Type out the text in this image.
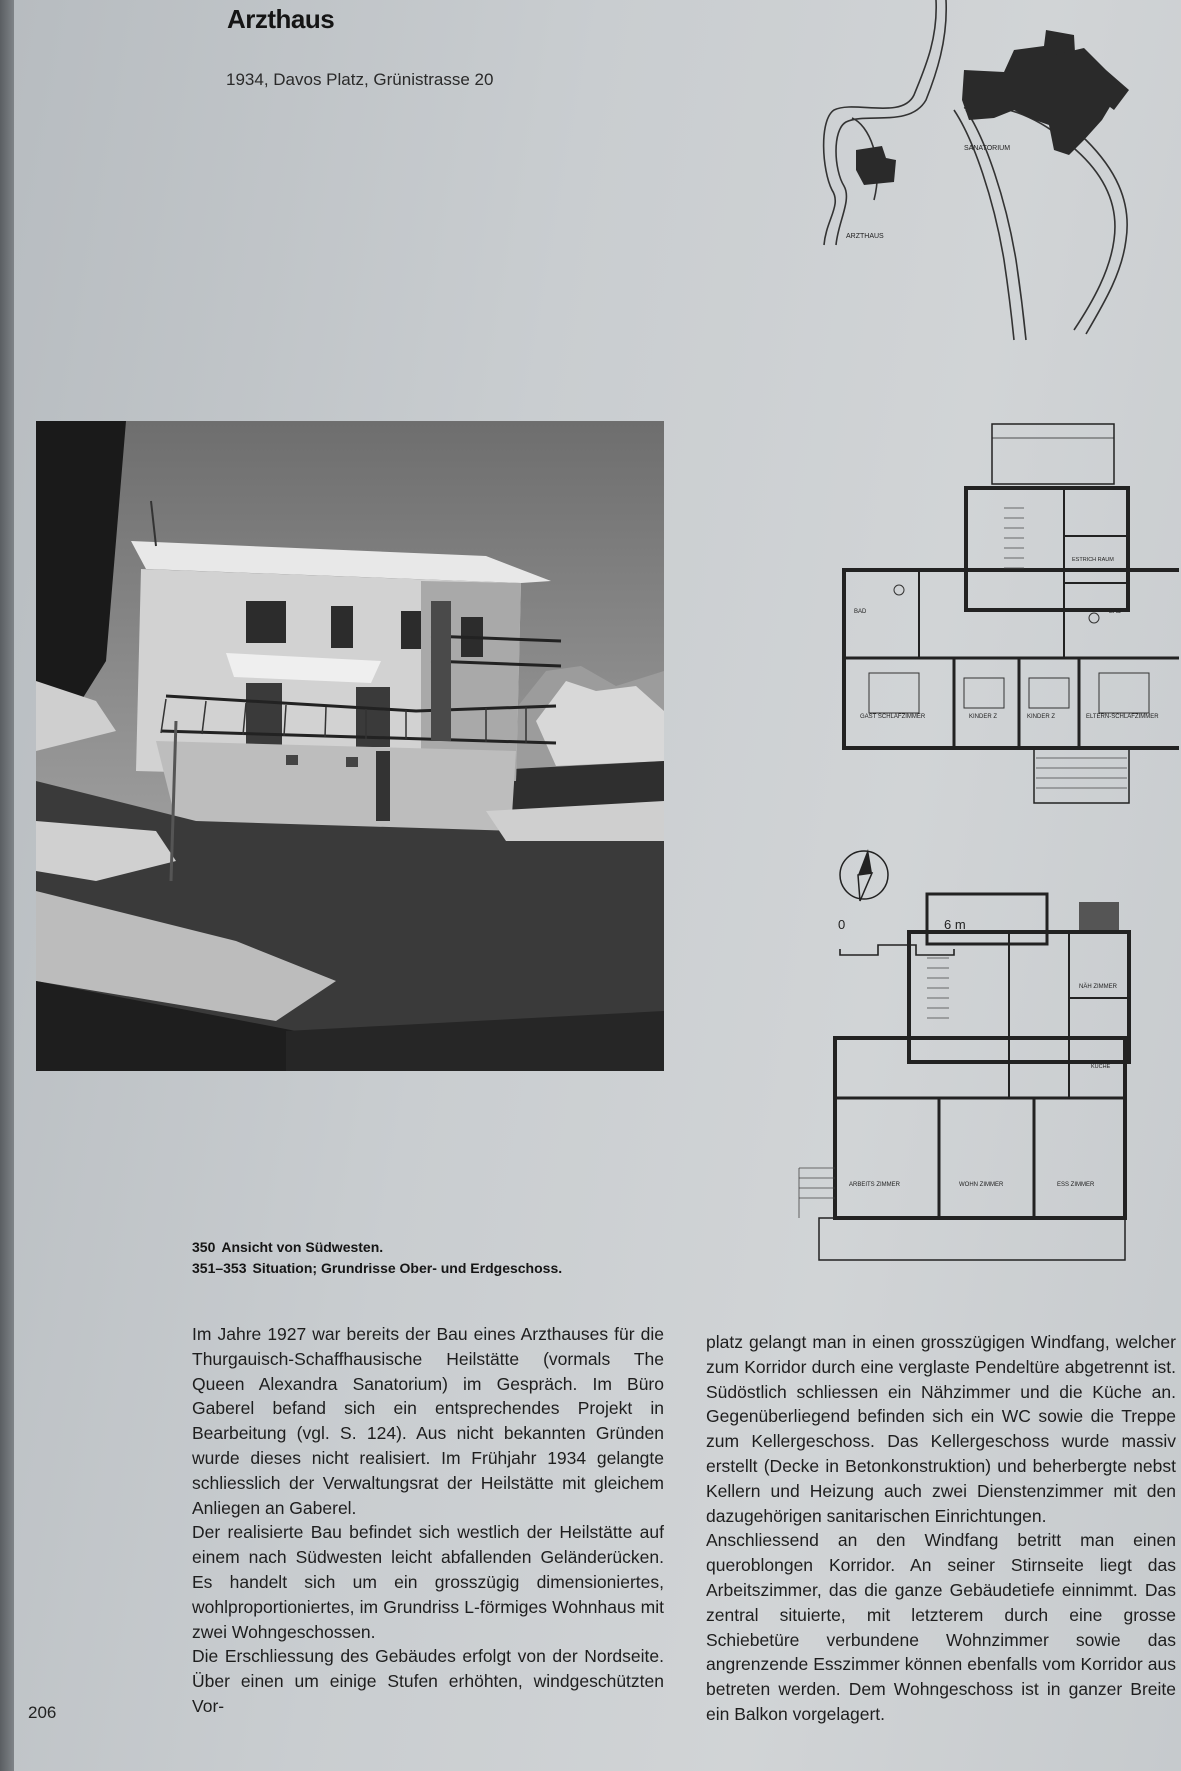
Arzthaus
1934, Davos Platz, Grünistrasse 20
SANATORIUM
ARZTHAUS
BAD	BAD
ESTRICH RAUM
GAST SCHLAFZIMMER	KINDER Z	KINDER Z	ELTERN-SCHLAFZIMMER
0	6 m
NÄH ZIMMER
KÜCHE
ARBEITS ZIMMER	WOHN ZIMMER	ESS ZIMMER
350 Ansicht von Südwesten.
351–353 Situation; Grundrisse Ober- und Erdgeschoss.

Im Jahre 1927 war bereits der Bau eines Arzthauses für die Thurgauisch-Schaffhausische Heilstätte (vormals The Queen Alexandra Sanatorium) im Gespräch. Im Büro Gaberel befand sich ein entsprechendes Projekt in Bearbeitung (vgl. S. 124). Aus nicht bekannten Gründen wurde dieses nicht realisiert. Im Frühjahr 1934 gelangte schliesslich der Verwaltungsrat der Heilstätte mit gleichem Anliegen an Gaberel.

Der realisierte Bau befindet sich westlich der Heilstätte auf einem nach Südwesten leicht abfallenden Geländerücken. Es handelt sich um ein grosszügig dimensioniertes, wohlproportioniertes, im Grundriss L-förmiges Wohnhaus mit zwei Wohngeschossen.

Die Erschliessung des Gebäudes erfolgt von der Nordseite. Über einen um einige Stufen erhöhten, windgeschützten Vor-

platz gelangt man in einen grosszügigen Windfang, welcher zum Korridor durch eine verglaste Pendeltüre abgetrennt ist. Südöstlich schliessen ein Nähzimmer und die Küche an. Gegenüberliegend befinden sich ein WC sowie die Treppe zum Kellergeschoss. Das Kellergeschoss wurde massiv erstellt (Decke in Betonkonstruktion) und beherbergte nebst Kellern und Heizung auch zwei Dienstenzimmer mit den dazugehörigen sanitarischen Einrichtungen.

Anschliessend an den Windfang betritt man einen queroblongen Korridor. An seiner Stirnseite liegt das Arbeitszimmer, das die ganze Gebäudetiefe einnimmt. Das zentral situierte, mit letzterem durch eine grosse Schiebetüre verbundene Wohnzimmer sowie das angrenzende Esszimmer können ebenfalls vom Korridor aus betreten werden. Dem Wohngeschoss ist in ganzer Breite ein Balkon vorgelagert.

206
